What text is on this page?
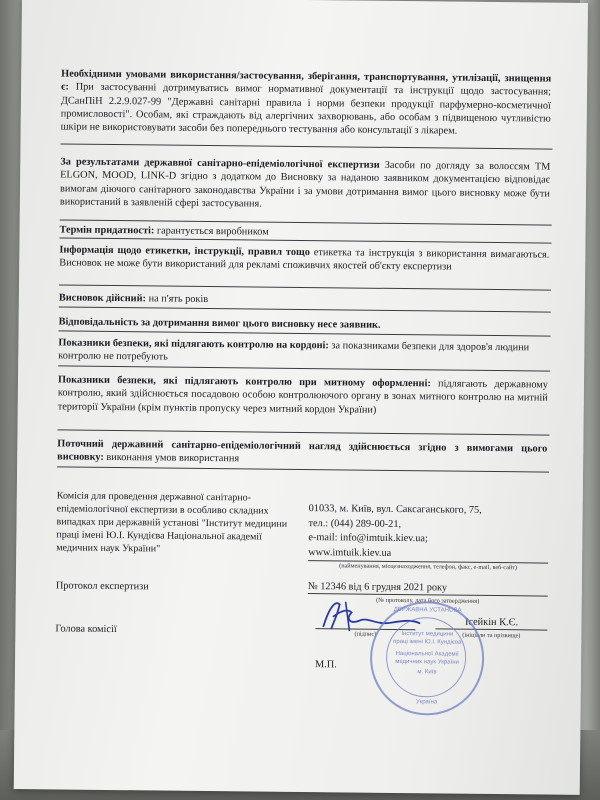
Необхідними умовами використання/застосування, зберігання, транспортування, утилізації, знищення є: При застосуванні дотримуватись вимог нормативної документації та інструкції щодо застосування; ДСанПіН 2.2.9.027-99 "Державні санітарні правила і норми безпеки продукції парфумерно-косметичної промисловості". Особам, які страждають від алергічних захворювань, або особам з підвищеною чутливістю шкіри не використовувати засоби без попереднього тестування або консультації з лікарем.
За результатами державної санітарно-епідеміологічної експертизи Засоби по догляду за волоссям ТМ ELGON, MOOD, LINK-D згідно з додатком до Висновку за наданою заявником документацією відповідає вимогам діючого санітарного законодавства України і за умови дотримання вимог цього висновку може бути використаний в заявленій сфері застосування.
Термін придатності: гарантується виробником
Інформація щодо етикетки, інструкції, правил тощо етикетка та інструкція з використання вимагаються. Висновок не може бути використаний для рекламі споживчих якостей об'єкту експертизи
Висновок дійсний: на п'ять років
Відповідальність за дотримання вимог цього висновку несе заявник.
Показники безпеки, які підлягають контролю на кордоні: за показниками безпеки для здоров'я людини контролю не потребують
Показники безпеки, які підлягають контролю при митному оформленні: підлягають державному контролю, який здійснюється посадовою особою контролюючого органу в зонах митного контролю на митній території України (крім пунктів пропуску через митний кордон України)
Поточний державний санітарно-епідеміологічний нагляд здійснюється згідно з вимогами цього висновку: виконання умов використання
Комісія для проведення державної санітарно-епідеміологічної експертизи в особливо складних випадках при державній установі "Інститут медицини праці імені Ю.І. Кундієва Національної академії медичних наук України"
01033, м. Київ, вул. Саксаганського, 75,
тел.: (044) 289-00-21,
e-mail: info@imtuik.kiev.ua;
www.imtuik.kiev.ua
(найменування, місцезнаходження, телефон, факс, e-mail, веб-сайт)
Протокол експертизи	№ 12346 від 6 грудня 2021 року
(№ протоколу, дата його затвердження)
Голова комісії	(підпис)
Ісейкін К.Є.
(ініціали та прізвище)
ДЕРЖАВНА УСТАНОВА
Інститут медицини
праці імені Ю.І. Кундієва
Національної Академії
медичних наук України
м. Київ
Україна
М.П.
